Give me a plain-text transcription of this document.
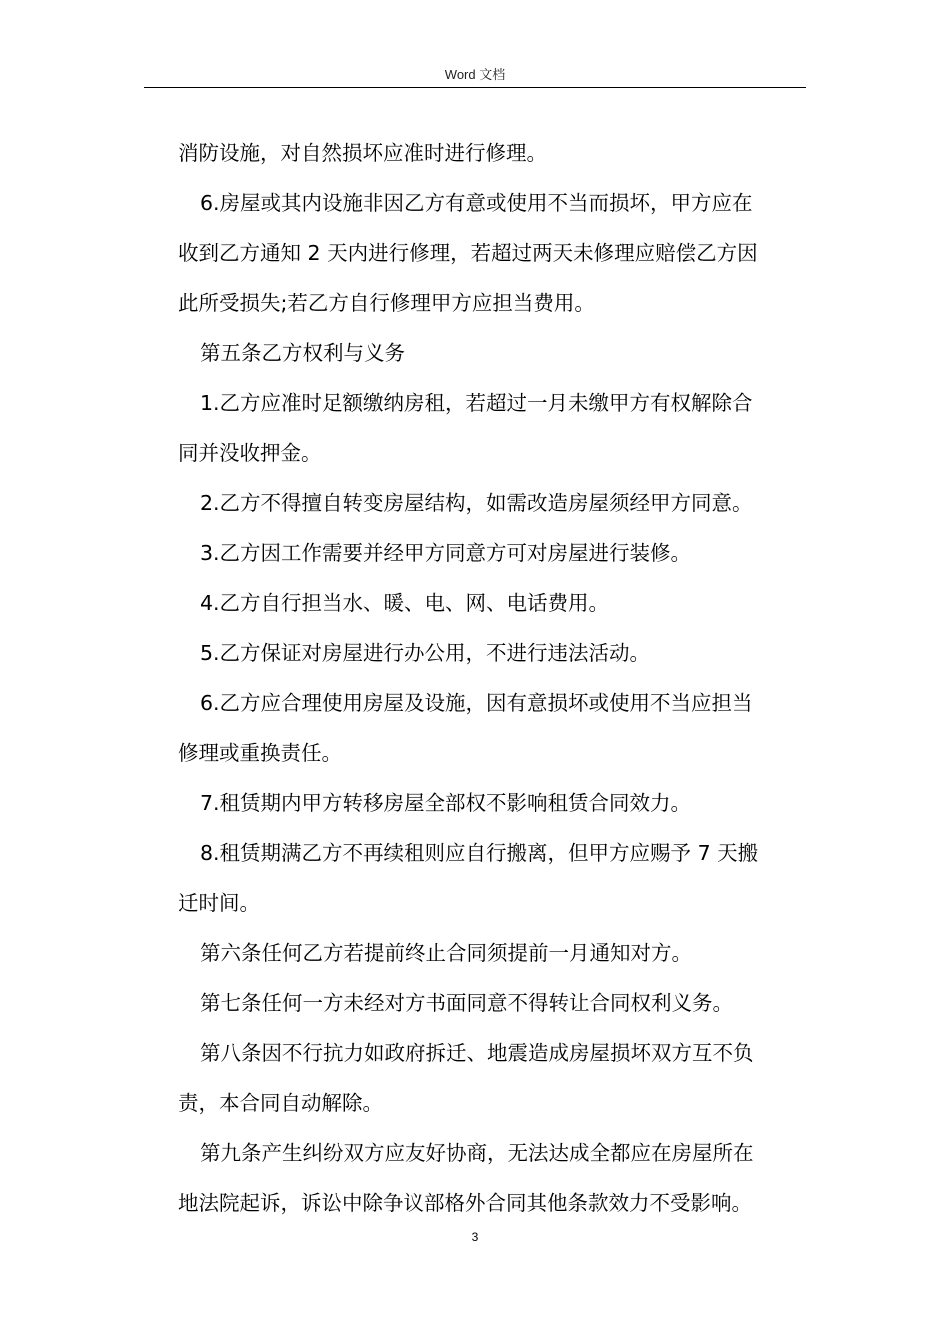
Word 文档

消防设施，对自然损坏应准时进行修理。

6.房屋或其内设施非因乙方有意或使用不当而损坏，甲方应在

收到乙方通知 2 天内进行修理，若超过两天未修理应赔偿乙方因

此所受损失;若乙方自行修理甲方应担当费用。

第五条乙方权利与义务

1.乙方应准时足额缴纳房租，若超过一月未缴甲方有权解除合

同并没收押金。

2.乙方不得擅自转变房屋结构，如需改造房屋须经甲方同意。

3.乙方因工作需要并经甲方同意方可对房屋进行装修。

4.乙方自行担当水、暖、电、网、电话费用。

5.乙方保证对房屋进行办公用，不进行违法活动。

6.乙方应合理使用房屋及设施，因有意损坏或使用不当应担当

修理或重换责任。

7.租赁期内甲方转移房屋全部权不影响租赁合同效力。

8.租赁期满乙方不再续租则应自行搬离，但甲方应赐予 7 天搬

迁时间。

第六条任何乙方若提前终止合同须提前一月通知对方。

第七条任何一方未经对方书面同意不得转让合同权利义务。

第八条因不行抗力如政府拆迁、地震造成房屋损坏双方互不负

责，本合同自动解除。

第九条产生纠纷双方应友好协商，无法达成全都应在房屋所在

地法院起诉，诉讼中除争议部格外合同其他条款效力不受影响。

3
